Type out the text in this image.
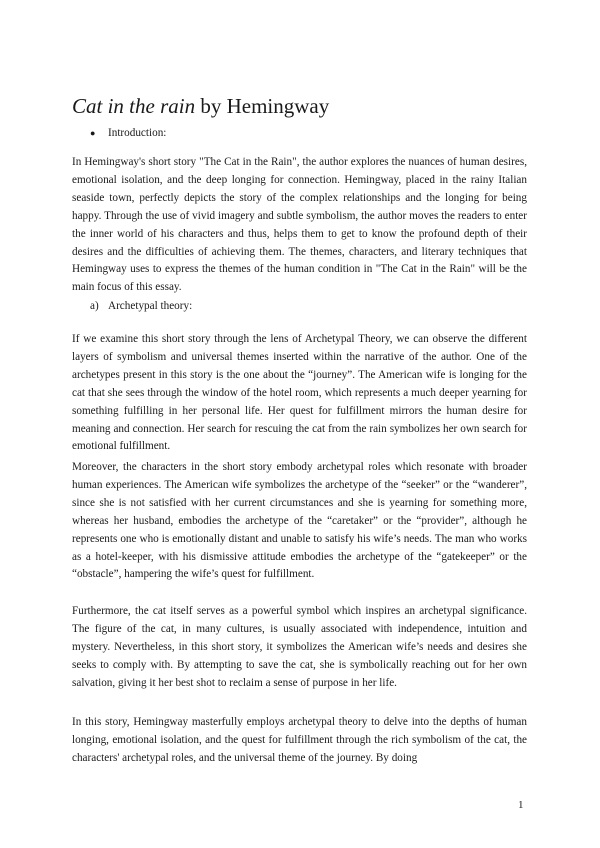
Cat in the rain by Hemingway
● Introduction:

In Hemingway's short story "The Cat in the Rain", the author explores the nuances of human desires, emotional isolation, and the deep longing for connection. Hemingway, placed in the rainy Italian seaside town, perfectly depicts the story of the complex relationships and the longing for being happy. Through the use of vivid imagery and subtle symbolism, the author moves the readers to enter the inner world of his characters and thus, helps them to get to know the profound depth of their desires and the difficulties of achieving them. The themes, characters, and literary techniques that Hemingway uses to express the themes of the human condition in "The Cat in the Rain" will be the main focus of this essay.

a) Archetypal theory:

If we examine this short story through the lens of Archetypal Theory, we can observe the different layers of symbolism and universal themes inserted within the narrative of the author. One of the archetypes present in this story is the one about the “journey”. The American wife is longing for the cat that she sees through the window of the hotel room, which represents a much deeper yearning for something fulfilling in her personal life. Her quest for fulfillment mirrors the human desire for meaning and connection. Her search for rescuing the cat from the rain symbolizes her own search for emotional fulfillment.

Moreover, the characters in the short story embody archetypal roles which resonate with broader human experiences. The American wife symbolizes the archetype of the “seeker” or the “wanderer”, since she is not satisfied with her current circumstances and she is yearning for something more, whereas her husband, embodies the archetype of the “caretaker” or the “provider”, although he represents one who is emotionally distant and unable to satisfy his wife’s needs. The man who works as a hotel-keeper, with his dismissive attitude embodies the archetype of the “gatekeeper” or the “obstacle”, hampering the wife’s quest for fulfillment.

Furthermore, the cat itself serves as a powerful symbol which inspires an archetypal significance. The figure of the cat, in many cultures, is usually associated with independence, intuition and mystery. Nevertheless, in this short story, it symbolizes the American wife’s needs and desires she seeks to comply with. By attempting to save the cat, she is symbolically reaching out for her own salvation, giving it her best shot to reclaim a sense of purpose in her life.

In this story, Hemingway masterfully employs archetypal theory to delve into the depths of human longing, emotional isolation, and the quest for fulfillment through the rich symbolism of the cat, the characters' archetypal roles, and the universal theme of the journey. By doing

1
